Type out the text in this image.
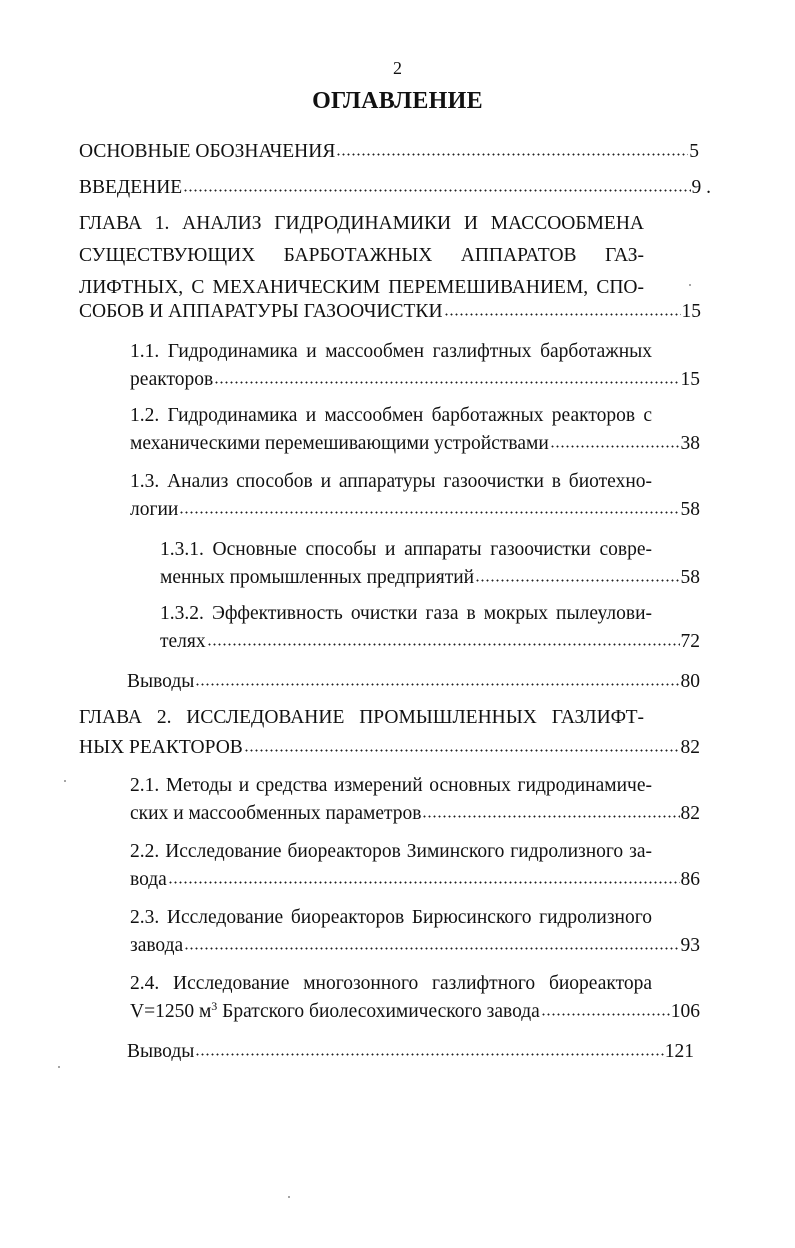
2
ОГЛАВЛЕНИЕ
ОСНОВНЫЕ ОБОЗНАЧЕНИЯ	5
ВВЕДЕНИЕ	9 .
ГЛАВА 1. АНАЛИЗ ГИДРОДИНАМИКИ И МАССООБМЕНА
СУЩЕСТВУЮЩИХ БАРБОТАЖНЫХ АППАРАТОВ ГАЗ-
ЛИФТНЫХ, С МЕХАНИЧЕСКИМ ПЕРЕМЕШИВАНИЕМ, СПО-
СОБОВ И АППАРАТУРЫ ГАЗООЧИСТКИ	15
1.1. Гидродинамика и массообмен газлифтных барботажных
реакторов	15
1.2. Гидродинамика и массообмен барботажных реакторов с
механическими перемешивающими устройствами	38
1.3. Анализ способов и аппаратуры газоочистки в биотехно-
логии	58
1.3.1. Основные способы и аппараты газоочистки совре-
менных промышленных предприятий	58
1.3.2. Эффективность очистки газа в мокрых пылеулови-
телях	72
Выводы	80
ГЛАВА 2. ИССЛЕДОВАНИЕ ПРОМЫШЛЕННЫХ ГАЗЛИФТ-
НЫХ РЕАКТОРОВ	82
2.1. Методы и средства измерений основных гидродинамиче-
ских и массообменных параметров	82
2.2. Исследование биореакторов Зиминского гидролизного за-
вода	86
2.3. Исследование биореакторов Бирюсинского гидролизного
завода	93
2.4. Исследование многозонного газлифтного биореактора
V=1250 $м^3$ Братского биолесохимического завода	106
Выводы	121
